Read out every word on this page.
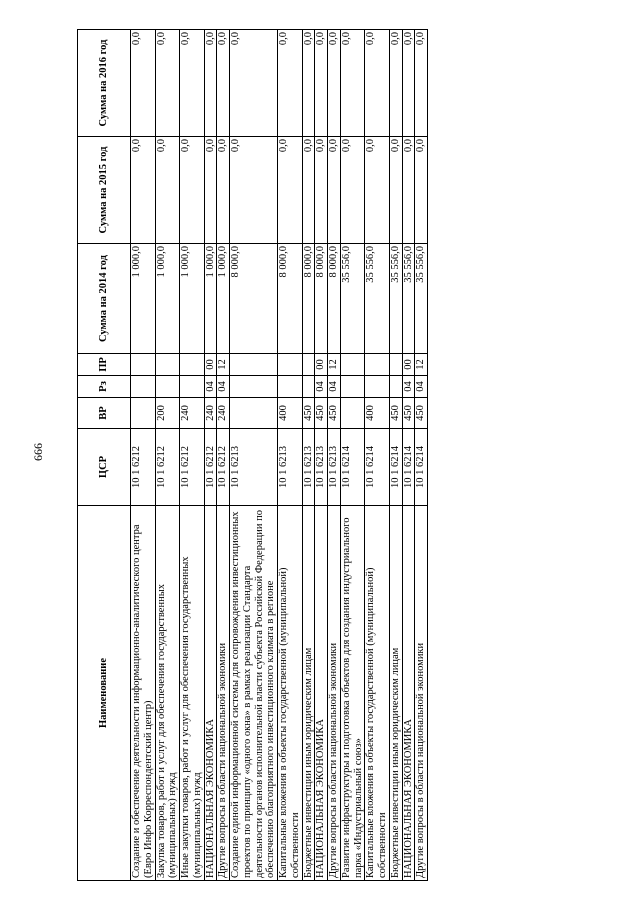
666
Наименование	ЦСР	ВР	Рз	ПР	Сумма на 2014 год	Сумма на 2015 год	Сумма на 2016 год
Создание и обеспечение деятельности информационно-аналитического центра (Евро Инфо Корреспондентский центр)	10 1 6212				1 000,0	0,0	0,0
Закупка товаров, работ и услуг для обеспечения государственных (муниципальных) нужд	10 1 6212	200			1 000,0	0,0	0,0
Иные закупки товаров, работ и услуг для обеспечения государственных (муниципальных) нужд	10 1 6212	240			1 000,0	0,0	0,0
НАЦИОНАЛЬНАЯ ЭКОНОМИКА	10 1 6212	240	04	00	1 000,0	0,0	0,0
Другие вопросы в области национальной экономики	10 1 6212	240	04	12	1 000,0	0,0	0,0
Создание единой информационной системы для сопровождения инвестиционных проектов по принципу «одного окна» в рамках реализации Стандарта деятельности органов исполнительной власти субъекта Российской Федерации по обеспечению благоприятного инвестиционного климата в регионе	10 1 6213				8 000,0	0,0	0,0
Капитальные вложения в объекты государственной (муниципальной) собственности	10 1 6213	400			8 000,0	0,0	0,0
Бюджетные инвестиции иным юридическим лицам	10 1 6213	450			8 000,0	0,0	0,0
НАЦИОНАЛЬНАЯ ЭКОНОМИКА	10 1 6213	450	04	00	8 000,0	0,0	0,0
Другие вопросы в области национальной экономики	10 1 6213	450	04	12	8 000,0	0,0	0,0
Развитие инфраструктуры и подготовка объектов для создания индустриального парка «Индустриальный союз»	10 1 6214				35 556,0	0,0	0,0
Капитальные вложения в объекты государственной (муниципальной) собственности	10 1 6214	400			35 556,0	0,0	0,0
Бюджетные инвестиции иным юридическим лицам	10 1 6214	450			35 556,0	0,0	0,0
НАЦИОНАЛЬНАЯ ЭКОНОМИКА	10 1 6214	450	04	00	35 556,0	0,0	0,0
Другие вопросы в области национальной экономики	10 1 6214	450	04	12	35 556,0	0,0	0,0
